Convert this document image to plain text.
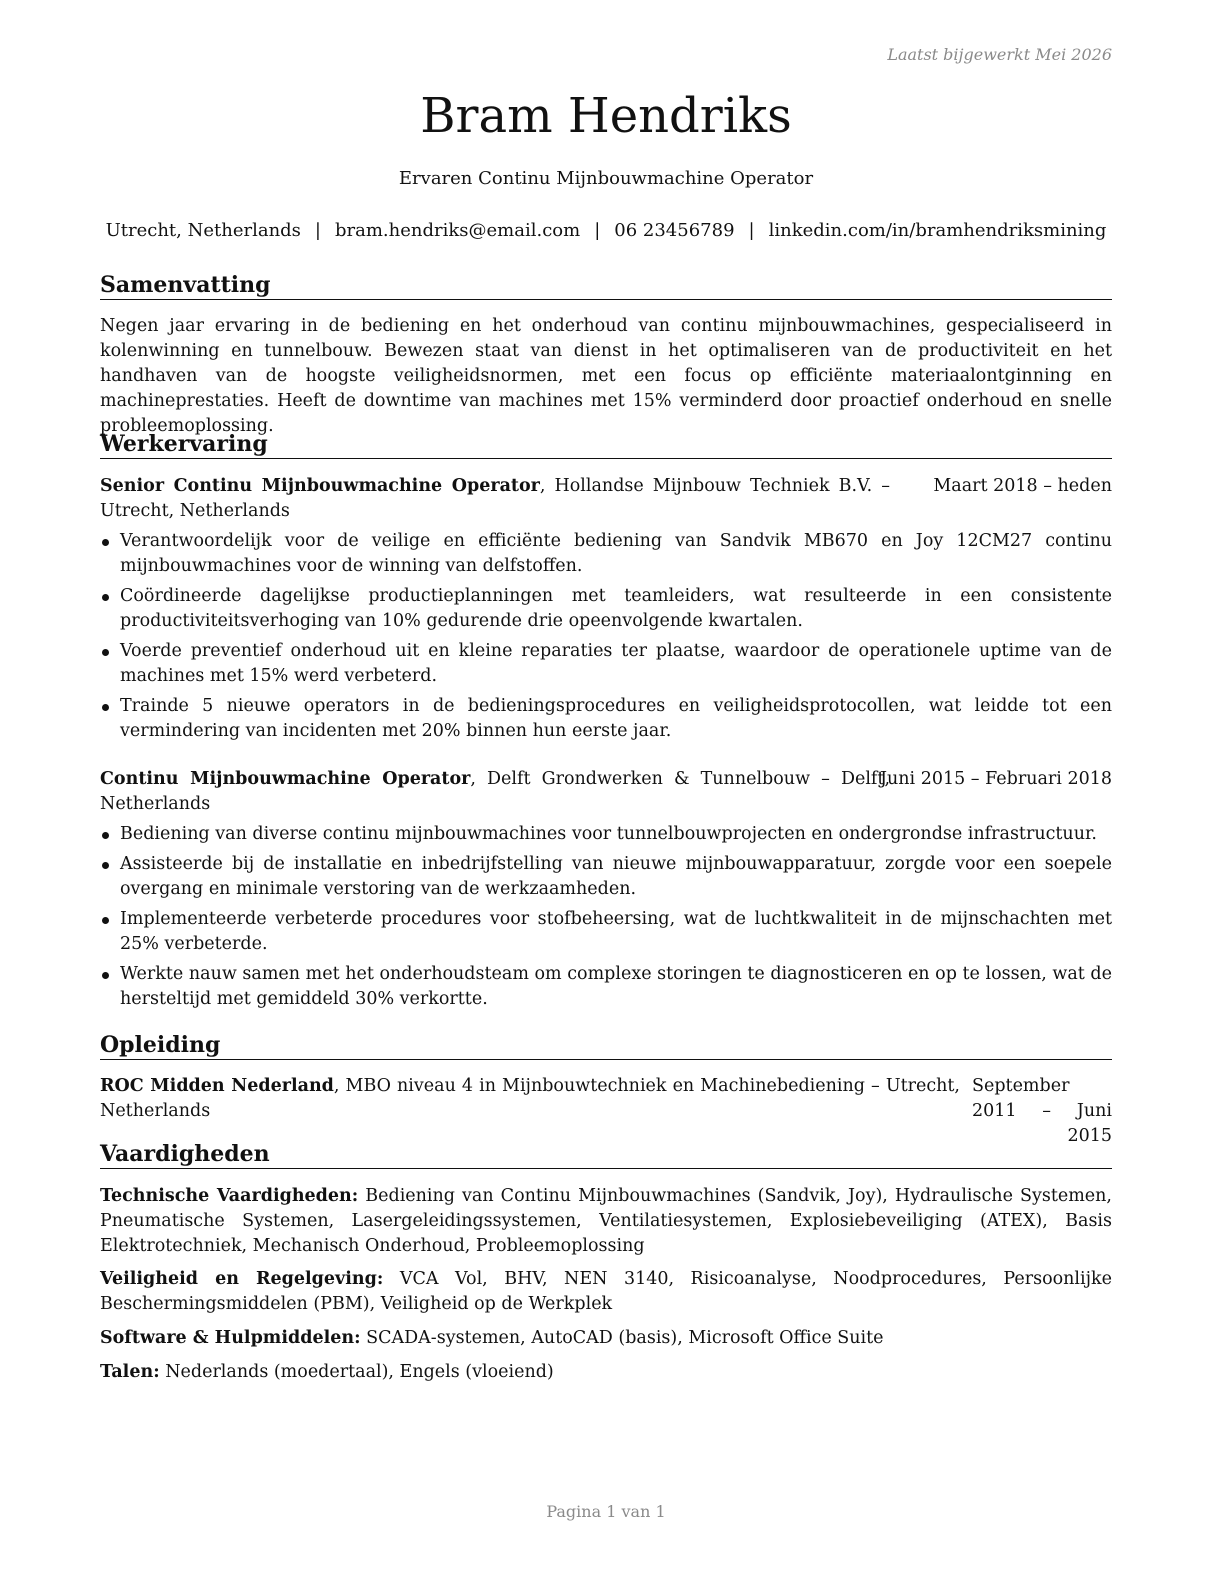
Laatst bijgewerkt Mei 2026
Bram Hendriks
Ervaren Continu Mijnbouwmachine Operator
Utrecht, Netherlands | bram.hendriks@email.com | 06 23456789 | linkedin.com/in/bramhendriksmining
Samenvatting
Negen jaar ervaring in de bediening en het onderhoud van continu mijnbouwmachines, gespecialiseerd in kolenwinning en tunnelbouw. Bewezen staat van dienst in het optimaliseren van de productiviteit en het handhaven van de hoogste veiligheidsnormen, met een focus op efficiënte materiaalontginning en machineprestaties. Heeft de downtime van machines met 15% verminderd door proactief onderhoud en snelle probleemoplossing.
Werkervaring
Senior Continu Mijnbouwmachine Operator, Hollandse Mijnbouw Techniek B.V. – Utrecht, Netherlands
Maart 2018 – heden
Verantwoordelijk voor de veilige en efficiënte bediening van Sandvik MB670 en Joy 12CM27 continu mijnbouwmachines voor de winning van delfstoffen.
Coördineerde dagelijkse productieplanningen met teamleiders, wat resulteerde in een consistente productiviteitsverhoging van 10% gedurende drie opeenvolgende kwartalen.
Voerde preventief onderhoud uit en kleine reparaties ter plaatse, waardoor de operationele uptime van de machines met 15% werd verbeterd.
Trainde 5 nieuwe operators in de bedieningsprocedures en veiligheidsprotocollen, wat leidde tot een vermindering van incidenten met 20% binnen hun eerste jaar.
Continu Mijnbouwmachine Operator, Delft Grondwerken & Tunnelbouw – Delft, Netherlands
Juni 2015 – Februari 2018
Bediening van diverse continu mijnbouwmachines voor tunnelbouwprojecten en ondergrondse infrastructuur.
Assisteerde bij de installatie en inbedrijfstelling van nieuwe mijnbouwapparatuur, zorgde voor een soepele overgang en minimale verstoring van de werkzaamheden.
Implementeerde verbeterde procedures voor stofbeheersing, wat de luchtkwaliteit in de mijnschachten met 25% verbeterde.
Werkte nauw samen met het onderhoudsteam om complexe storingen te diagnosticeren en op te lossen, wat de hersteltijd met gemiddeld 30% verkortte.
Opleiding
ROC Midden Nederland, MBO niveau 4 in Mijnbouwtechniek en Machinebediening – Utrecht, Netherlands
September 2011 – Juni 2015
Vaardigheden
Technische Vaardigheden: Bediening van Continu Mijnbouwmachines (Sandvik, Joy), Hydraulische Systemen, Pneumatische Systemen, Lasergeleidingssystemen, Ventilatiesystemen, Explosiebeveiliging (ATEX), Basis Elektrotechniek, Mechanisch Onderhoud, Probleemoplossing
Veiligheid en Regelgeving: VCA Vol, BHV, NEN 3140, Risicoanalyse, Noodprocedures, Persoonlijke Beschermingsmiddelen (PBM), Veiligheid op de Werkplek
Software & Hulpmiddelen: SCADA-systemen, AutoCAD (basis), Microsoft Office Suite
Talen: Nederlands (moedertaal), Engels (vloeiend)
Pagina 1 van 1
